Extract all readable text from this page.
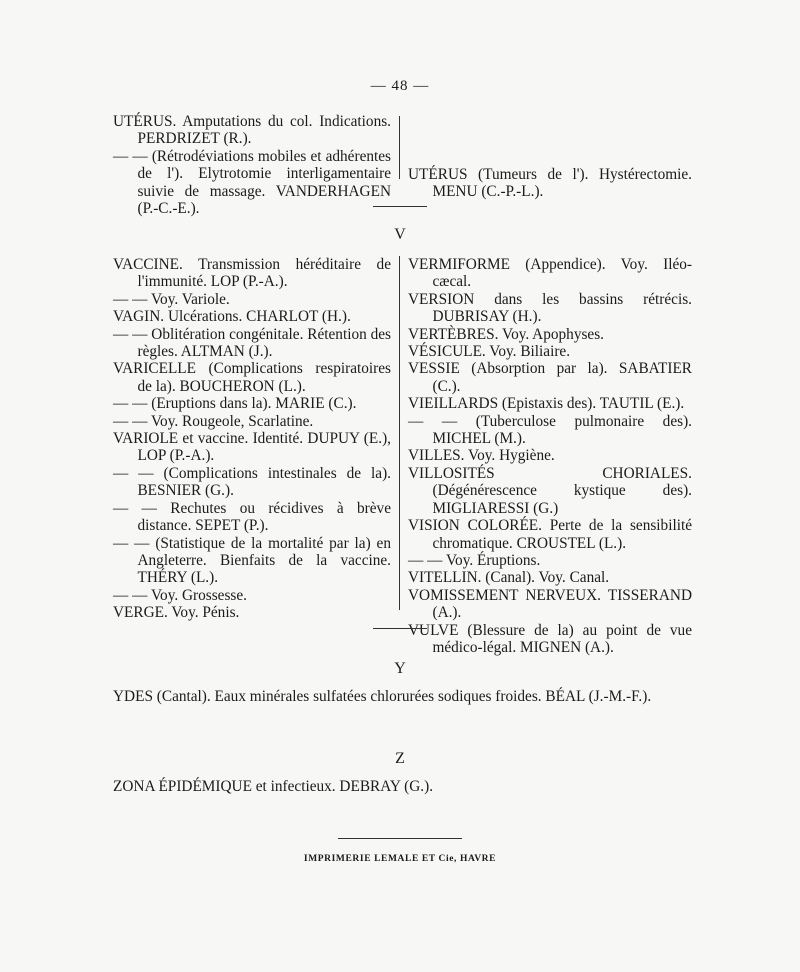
— 48 —
UTÉRUS. Amputations du col. Indications. PERDRIZET (R.).
— — (Rétrodéviations mobiles et adhérentes de l'). Elytrotomie interligamentaire suivie de massage. VANDERHAGEN (P.-C.-E.).
UTÉRUS (Tumeurs de l'). Hystérectomie. MENU (C.-P.-L.).
V
VACCINE. Transmission héréditaire de l'immunité. LOP (P.-A.).
— — Voy. Variole.
VAGIN. Ulcérations. CHARLOT (H.).
— — Oblitération congénitale. Rétention des règles. ALTMAN (J.).
VARICELLE (Complications respiratoires de la). BOUCHERON (L.).
— — (Eruptions dans la). MARIE (C.).
— — Voy. Rougeole, Scarlatine.
VARIOLE et vaccine. Identité. DUPUY (E.), LOP (P.-A.).
— — (Complications intestinales de la). BESNIER (G.).
— — Rechutes ou récidives à brève distance. SEPET (P.).
— — (Statistique de la mortalité par la) en Angleterre. Bienfaits de la vaccine. THÉRY (L.).
— — Voy. Grossesse.
VERGE. Voy. Pénis.
VERMIFORME (Appendice). Voy. Iléo-cæcal.
VERSION dans les bassins rétrécis. DUBRISAY (H.).
VERTÈBRES. Voy. Apophyses.
VÉSICULE. Voy. Biliaire.
VESSIE (Absorption par la). SABATIER (C.).
VIEILLARDS (Epistaxis des). TAUTIL (E.).
— — (Tuberculose pulmonaire des). MICHEL (M.).
VILLES. Voy. Hygiène.
VILLOSITÉS CHORIALES. (Dégénérescence kystique des). MIGLIARESSI (G.)
VISION COLORÉE. Perte de la sensibilité chromatique. CROUSTEL (L.).
— — Voy. Éruptions.
VITELLIN. (Canal). Voy. Canal.
VOMISSEMENT NERVEUX. TISSERAND (A.).
VULVE (Blessure de la) au point de vue médico-légal. MIGNEN (A.).
Y
YDES (Cantal). Eaux minérales sulfatées chlorurées sodiques froides. BÉAL (J.-M.-F.).
Z
ZONA ÉPIDÉMIQUE et infectieux. DEBRAY (G.).
IMPRIMERIE LEMALE ET Cie, HAVRE
